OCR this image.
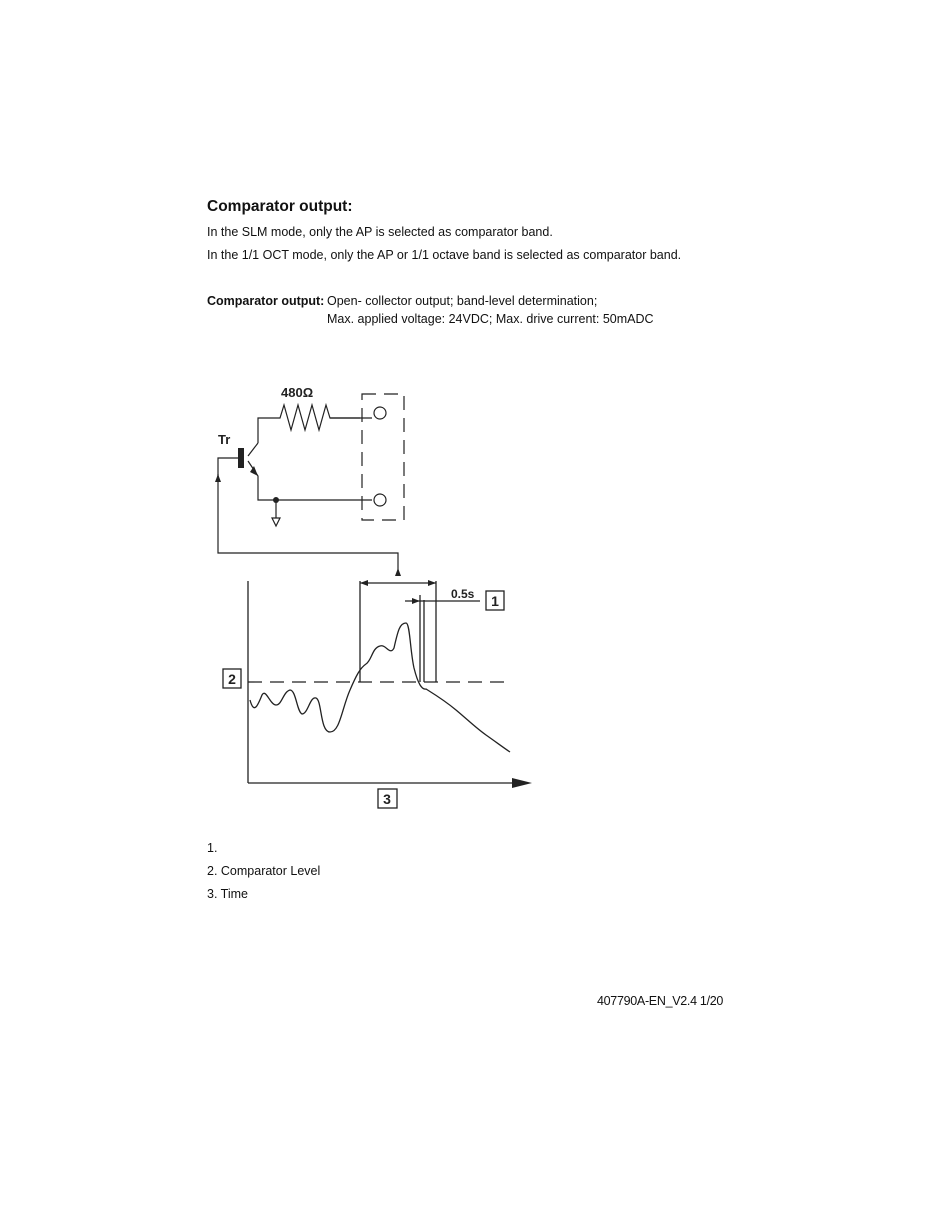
Comparator output:
In the SLM mode, only the AP is selected as comparator band.
In the 1/1 OCT mode, only the AP or 1/1 octave band is selected as comparator band.
Comparator output: Open- collector output; band-level determination;
Max. applied voltage: 24VDC; Max. drive current: 50mADC
480Ω
Tr
0.5s 1
2
3
1.
2. Comparator Level
3. Time
407790A-EN_V2.4 1/20
